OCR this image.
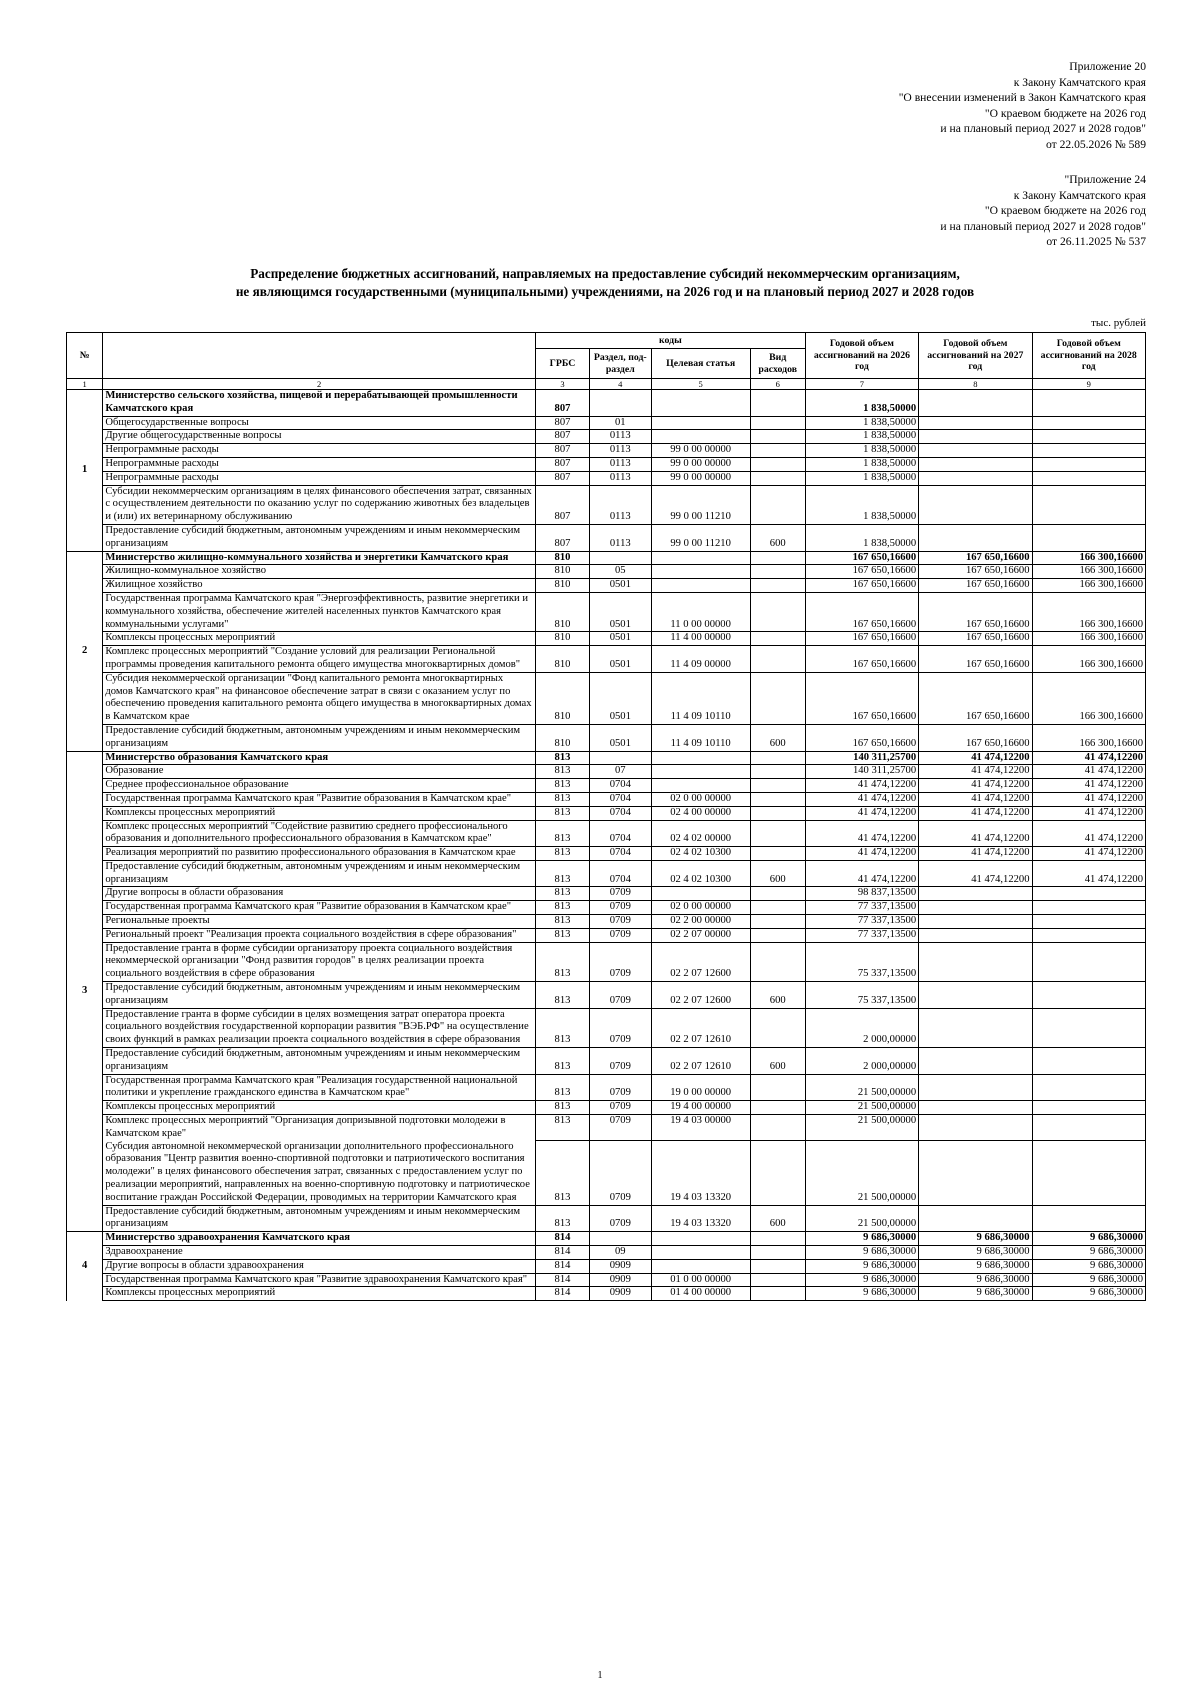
Приложение 20
к Закону Камчатского края
"О внесении изменений в Закон Камчатского края
"О краевом бюджете на 2026 год
и на плановый период 2027 и 2028 годов"
от 22.05.2026 № 589
"Приложение 24
к Закону Камчатского края
"О краевом бюджете на 2026 год
и на плановый период 2027 и 2028 годов"
от 26.11.2025 № 537
Распределение бюджетных ассигнований, направляемых на предоставление субсидий некоммерческим организациям,
не являющимся государственными (муниципальными) учреждениями, на 2026 год и на плановый период 2027 и 2028 годов
тыс. рублей
№		коды				Годовой объем ассигнований на 2026 год	Годовой объем ассигнований на 2027 год	Годовой объем ассигнований на 2028 год
		ГРБС	Раздел, под-раздел	Целевая статья	Вид расходов			
1	2	3	4	5	6	7	8	9
1	Министерство сельского хозяйства, пищевой и перерабатывающей промышленности Камчатского края	807				1 838,50000		
	Общегосударственные вопросы	807	01			1 838,50000		
	Другие общегосударственные вопросы	807	0113			1 838,50000		
	Непрограммные расходы	807	0113	99 0 00 00000		1 838,50000		
	Непрограммные расходы	807	0113	99 0 00 00000		1 838,50000		
	Непрограммные расходы	807	0113	99 0 00 00000		1 838,50000		
	Субсидии некоммерческим организациям в целях финансового обеспечения затрат, связанных с осуществлением деятельности по оказанию услуг по содержанию животных без владельцев и (или) их ветеринарному обслуживанию	807	0113	99 0 00 11210		1 838,50000		
	Предоставление субсидий бюджетным, автономным учреждениям и иным некоммерческим организациям	807	0113	99 0 00 11210	600	1 838,50000		
2	Министерство жилищно-коммунального хозяйства и энергетики Камчатского края	810				167 650,16600	167 650,16600	166 300,16600
	Жилищно-коммунальное хозяйство	810	05			167 650,16600	167 650,16600	166 300,16600
	Жилищное хозяйство	810	0501			167 650,16600	167 650,16600	166 300,16600
	Государственная программа Камчатского края "Энергоэффективность, развитие энергетики и коммунального хозяйства, обеспечение жителей населенных пунктов Камчатского края коммунальными услугами"	810	0501	11 0 00 00000		167 650,16600	167 650,16600	166 300,16600
	Комплексы процессных мероприятий	810	0501	11 4 00 00000		167 650,16600	167 650,16600	166 300,16600
	Комплекс процессных мероприятий "Создание условий для реализации Региональной программы проведения капитального ремонта общего имущества многоквартирных домов"	810	0501	11 4 09 00000		167 650,16600	167 650,16600	166 300,16600
	Субсидия некоммерческой организации "Фонд капитального ремонта многоквартирных домов Камчатского края" на финансовое обеспечение затрат в связи с оказанием услуг по обеспечению проведения капитального ремонта общего имущества в многоквартирных домах в Камчатском крае	810	0501	11 4 09 10110		167 650,16600	167 650,16600	166 300,16600
	Предоставление субсидий бюджетным, автономным учреждениям и иным некоммерческим организациям	810	0501	11 4 09 10110	600	167 650,16600	167 650,16600	166 300,16600
3	Министерство образования Камчатского края	813				140 311,25700	41 474,12200	41 474,12200
	Образование	813	07			140 311,25700	41 474,12200	41 474,12200
	Среднее профессиональное образование	813	0704			41 474,12200	41 474,12200	41 474,12200
	Государственная программа Камчатского края "Развитие образования в Камчатском крае"	813	0704	02 0 00 00000		41 474,12200	41 474,12200	41 474,12200
	Комплексы процессных мероприятий	813	0704	02 4 00 00000		41 474,12200	41 474,12200	41 474,12200
	Комплекс процессных мероприятий "Содействие развитию среднего профессионального образования и дополнительного профессионального образования в Камчатском крае"	813	0704	02 4 02 00000		41 474,12200	41 474,12200	41 474,12200
	Реализация мероприятий по развитию профессионального образования в Камчатском крае	813	0704	02 4 02 10300		41 474,12200	41 474,12200	41 474,12200
	Предоставление субсидий бюджетным, автономным учреждениям и иным некоммерческим организациям	813	0704	02 4 02 10300	600	41 474,12200	41 474,12200	41 474,12200
	Другие вопросы в области образования	813	0709			98 837,13500		
	Государственная программа Камчатского края "Развитие образования в Камчатском крае"	813	0709	02 0 00 00000		77 337,13500		
	Региональные проекты	813	0709	02 2 00 00000		77 337,13500		
	Региональный проект "Реализация проекта социального воздействия в сфере образования"	813	0709	02 2 07 00000		77 337,13500		
	Предоставление гранта в форме субсидии организатору проекта социального воздействия некоммерческой организации "Фонд развития городов" в целях реализации проекта социального воздействия в сфере образования	813	0709	02 2 07 12600		75 337,13500		
	Предоставление субсидий бюджетным, автономным учреждениям и иным некоммерческим организациям	813	0709	02 2 07 12600	600	75 337,13500		
	Предоставление гранта в форме субсидии в целях возмещения затрат оператора проекта социального воздействия государственной корпорации развития "ВЭБ.РФ" на осуществление своих функций в рамках реализации проекта социального воздействия в сфере образования	813	0709	02 2 07 12610		2 000,00000		
	Предоставление субсидий бюджетным, автономным учреждениям и иным некоммерческим организациям	813	0709	02 2 07 12610	600	2 000,00000		
	Государственная программа Камчатского края "Реализация государственной национальной политики и укрепление гражданского единства в Камчатском крае"	813	0709	19 0 00 00000		21 500,00000		
	Комплексы процессных мероприятий	813	0709	19 4 00 00000		21 500,00000		
	Комплекс процессных мероприятий "Организация допризывной подготовки молодежи в Камчатском крае"	813	0709	19 4 03 00000		21 500,00000		
	Субсидия автономной некоммерческой организации дополнительного профессионального образования "Центр развития военно-спортивной подготовки и патриотического воспитания молодежи" в целях финансового обеспечения затрат, связанных с предоставлением услуг по реализации мероприятий, направленных на военно-спортивную подготовку и патриотическое воспитание граждан Российской Федерации, проводимых на территории Камчатского края	813	0709	19 4 03 13320		21 500,00000		
	Предоставление субсидий бюджетным, автономным учреждениям и иным некоммерческим организациям	813	0709	19 4 03 13320	600	21 500,00000		
4	Министерство здравоохранения Камчатского края	814				9 686,30000	9 686,30000	9 686,30000
	Здравоохранение	814	09			9 686,30000	9 686,30000	9 686,30000
	Другие вопросы в области здравоохранения	814	0909			9 686,30000	9 686,30000	9 686,30000
	Государственная программа Камчатского края "Развитие здравоохранения Камчатского края"	814	0909	01 0 00 00000		9 686,30000	9 686,30000	9 686,30000
	Комплексы процессных мероприятий	814	0909	01 4 00 00000		9 686,30000	9 686,30000	9 686,30000
1
